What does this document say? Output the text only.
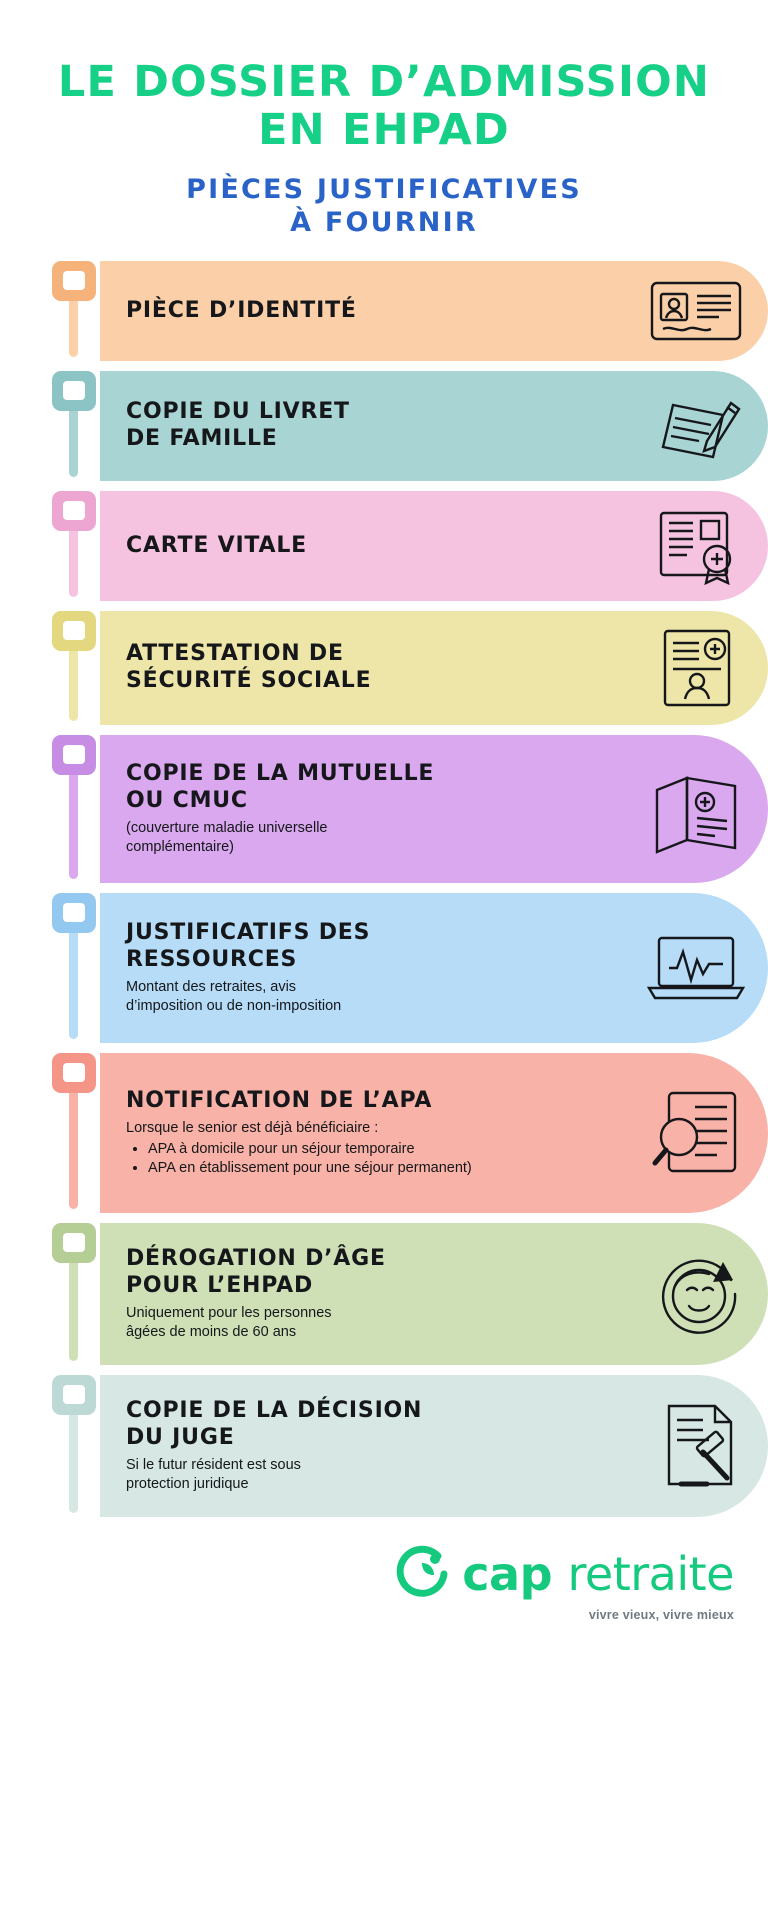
LE DOSSIER D’ADMISSION
EN EHPAD
PIÈCES JUSTIFICATIVES
À FOURNIR
PIÈCE D’IDENTITÉ
COPIE DU LIVRET
DE FAMILLE
CARTE VITALE
ATTESTATION DE
SÉCURITÉ SOCIALE
COPIE DE LA MUTUELLE
OU CMUC
(couverture maladie universelle
complémentaire)
JUSTIFICATIFS DES
RESSOURCES
Montant des retraites, avis
d’imposition ou de non-imposition
NOTIFICATION DE L’APA
Lorsque le senior est déjà bénéficiaire :
• APA à domicile pour un séjour temporaire
• APA en établissement pour une séjour permanent)
DÉROGATION D’ÂGE
POUR L’EHPAD
Uniquement pour les personnes
âgées de moins de 60 ans
COPIE DE LA DÉCISION
DU JUGE
Si le futur résident est sous
protection juridique
cap retraite
vivre vieux, vivre mieux
